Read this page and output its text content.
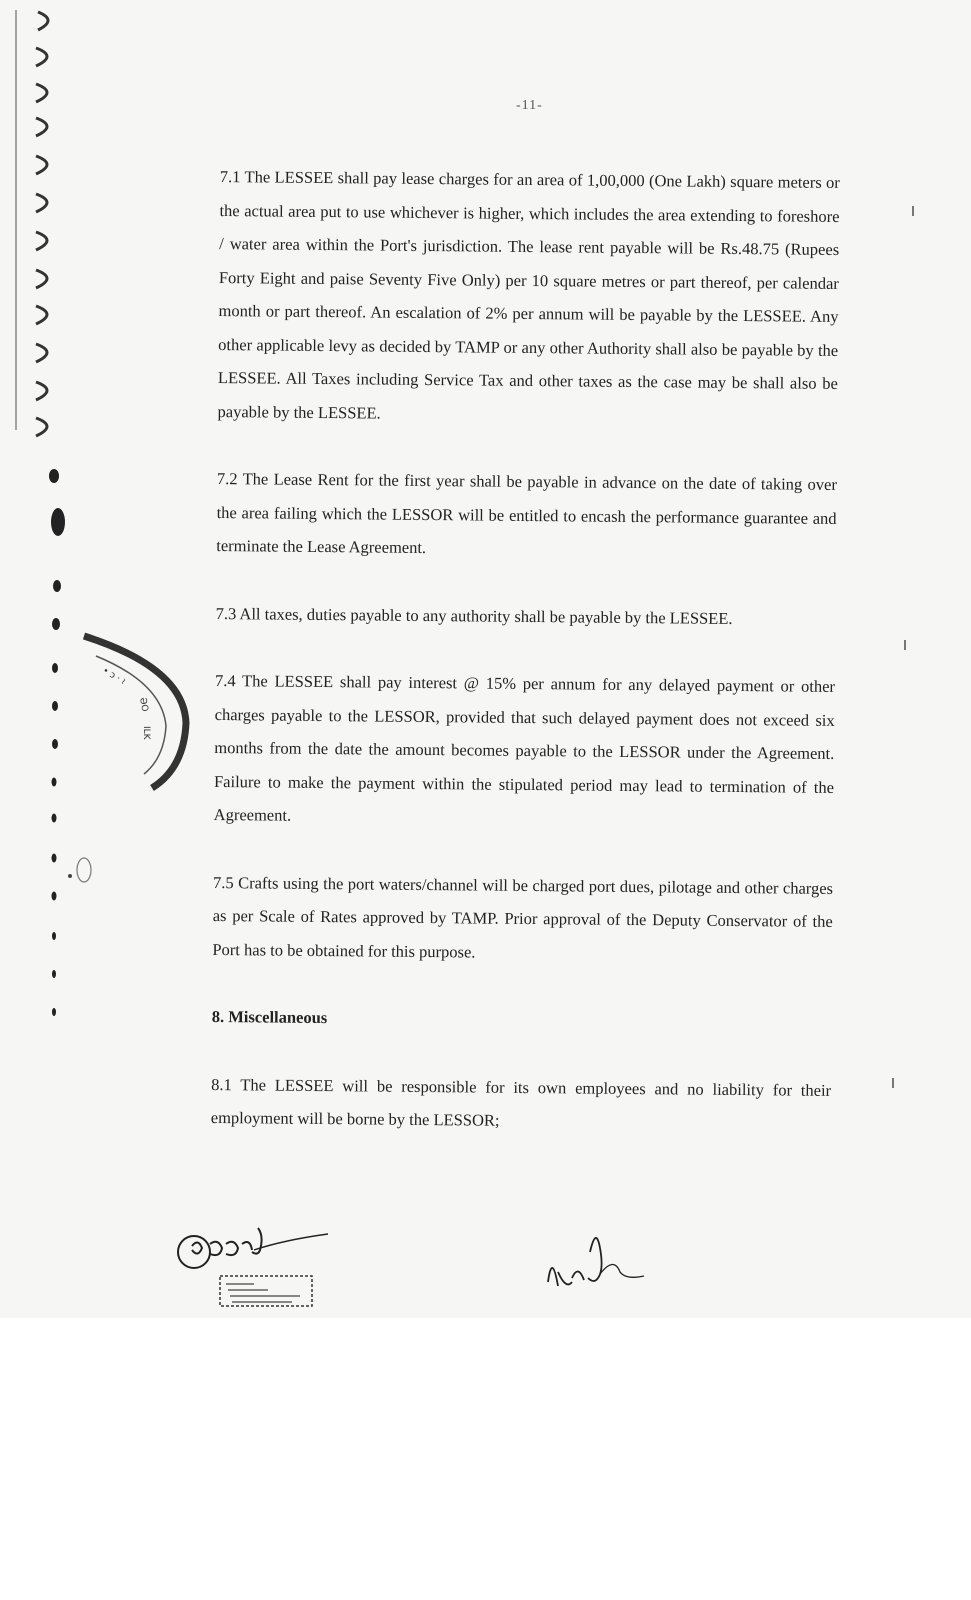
-11-

7.1 The LESSEE shall pay lease charges for an area of 1,00,000 (One Lakh) square meters or the actual area put to use whichever is higher, which includes the area extending to foreshore / water area within the Port's jurisdiction. The lease rent payable will be Rs.48.75 (Rupees Forty Eight and paise Seventy Five Only) per 10 square metres or part thereof, per calendar month or part thereof. An escalation of 2% per annum will be payable by the LESSEE. Any other applicable levy as decided by TAMP or any other Authority shall also be payable by the LESSEE. All Taxes including Service Tax and other taxes as the case may be shall also be payable by the LESSEE.

7.2 The Lease Rent for the first year shall be payable in advance on the date of taking over the area failing which the LESSOR will be entitled to encash the performance guarantee and terminate the Lease Agreement.

7.3 All taxes, duties payable to any authority shall be payable by the LESSEE.

7.4 The LESSEE shall pay interest @ 15% per annum for any delayed payment or other charges payable to the LESSOR, provided that such delayed payment does not exceed six months from the date the amount becomes payable to the LESSOR under the Agreement. Failure to make the payment within the stipulated period may lead to termination of the Agreement.

7.5 Crafts using the port waters/channel will be charged port dues, pilotage and other charges as per Scale of Rates approved by TAMP. Prior approval of the Deputy Conservator of the Port has to be obtained for this purpose.

8. Miscellaneous

8.1 The LESSEE will be responsible for its own employees and no liability for their employment will be borne by the LESSOR;

• ↄ · ≀
ƏO
ILK
